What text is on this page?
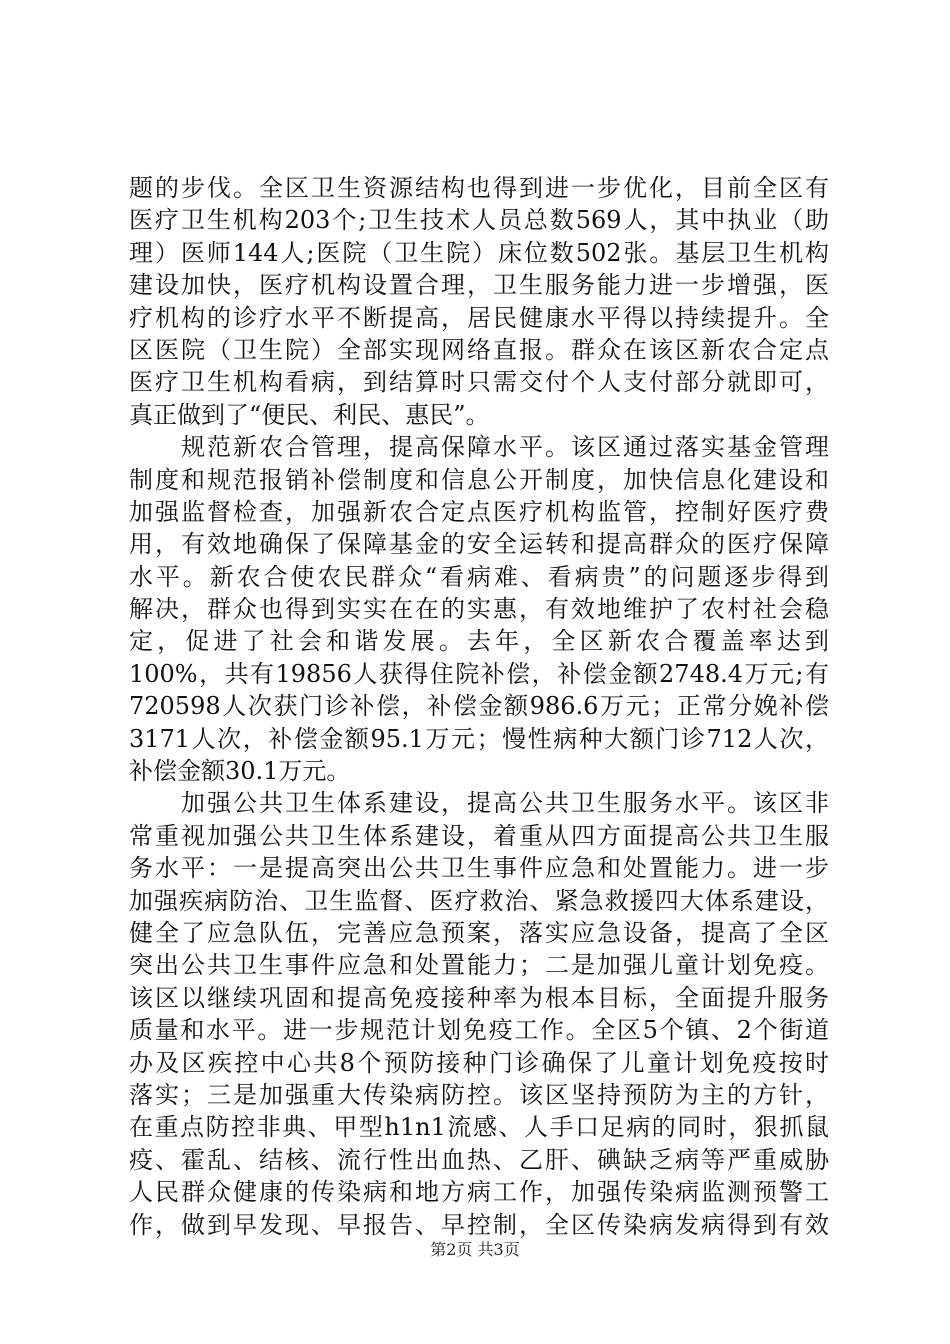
题的步伐。全区卫生资源结构也得到进一步优化，目前全区有
医疗卫生机构203个;卫生技术人员总数569人，其中执业（助
理）医师144人;医院（卫生院）床位数502张。基层卫生机构
建设加快，医疗机构设置合理，卫生服务能力进一步增强，医
疗机构的诊疗水平不断提高，居民健康水平得以持续提升。全
区医院（卫生院）全部实现网络直报。群众在该区新农合定点
医疗卫生机构看病，到结算时只需交付个人支付部分就即可，
真正做到了“便民、利民、惠民”。
　　规范新农合管理，提高保障水平。该区通过落实基金管理
制度和规范报销补偿制度和信息公开制度，加快信息化建设和
加强监督检查，加强新农合定点医疗机构监管，控制好医疗费
用，有效地确保了保障基金的安全运转和提高群众的医疗保障
水平。新农合使农民群众“看病难、看病贵”的问题逐步得到
解决，群众也得到实实在在的实惠，有效地维护了农村社会稳
定，促进了社会和谐发展。去年，全区新农合覆盖率达到
100%，共有19856人获得住院补偿，补偿金额2748.4万元;有
720598人次获门诊补偿，补偿金额986.6万元；正常分娩补偿
3171人次，补偿金额95.1万元；慢性病种大额门诊712人次，
补偿金额30.1万元。
　　加强公共卫生体系建设，提高公共卫生服务水平。该区非
常重视加强公共卫生体系建设，着重从四方面提高公共卫生服
务水平：一是提高突出公共卫生事件应急和处置能力。进一步
加强疾病防治、卫生监督、医疗救治、紧急救援四大体系建设，
健全了应急队伍，完善应急预案，落实应急设备，提高了全区
突出公共卫生事件应急和处置能力；二是加强儿童计划免疫。
该区以继续巩固和提高免疫接种率为根本目标，全面提升服务
质量和水平。进一步规范计划免疫工作。全区5个镇、2个街道
办及区疾控中心共8个预防接种门诊确保了儿童计划免疫按时
落实；三是加强重大传染病防控。该区坚持预防为主的方针，
在重点防控非典、甲型h1n1流感、人手口足病的同时，狠抓鼠
疫、霍乱、结核、流行性出血热、乙肝、碘缺乏病等严重威胁
人民群众健康的传染病和地方病工作，加强传染病监测预警工
作，做到早发现、早报告、早控制，全区传染病发病得到有效
第2页 共3页
